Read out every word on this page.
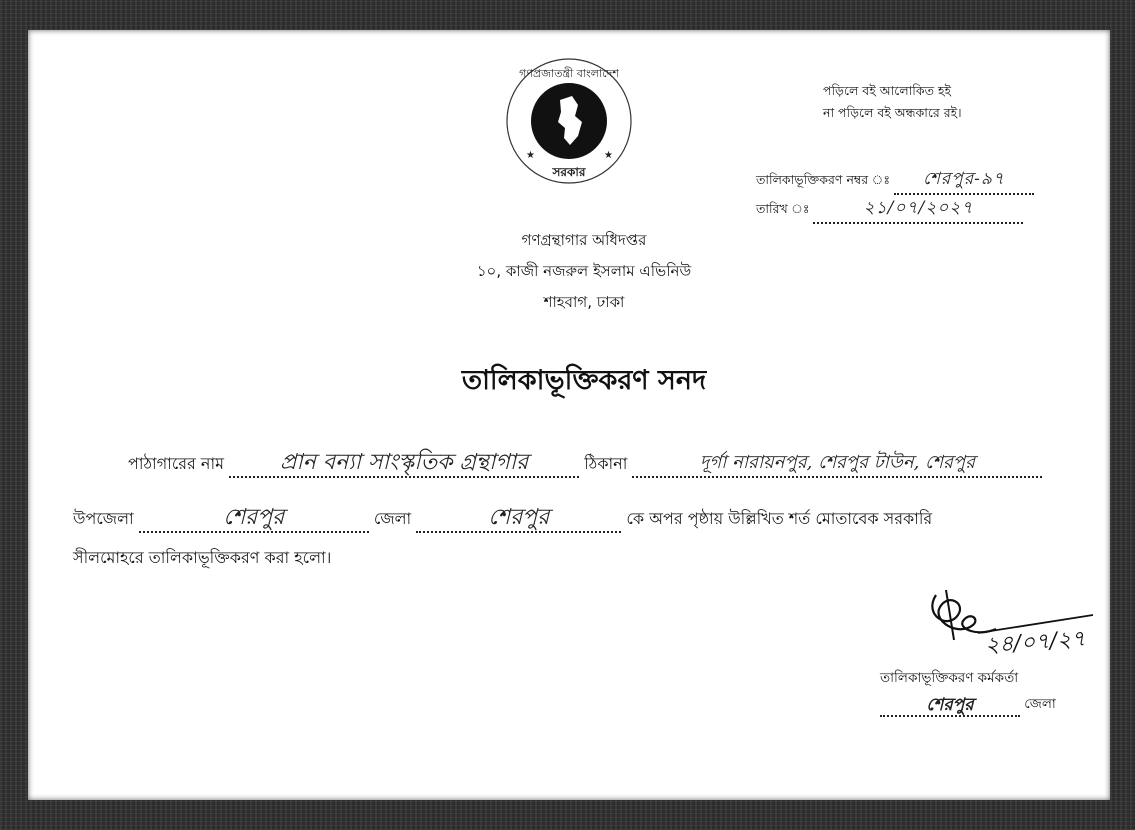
★	★
গণপ্রজাতন্ত্রী বাংলাদেশ
সরকার
পড়িলে বই আলোকিত হই
না পড়িলে বই অন্ধকারে রই।
তালিকাভূক্তিকরণ নম্বর ঃ শেরপুর-৯৭
তারিখ ঃ	২১/০৭/২০২৭
গণগ্রন্থাগার অধিদপ্তর
১০, কাজী নজরুল ইসলাম এভিনিউ
শাহবাগ, ঢাকা
তালিকাভূক্তিকরণ সনদ
পাঠাগারের নাম	প্রান বন্যা সাংস্কৃতিক গ্রন্থাগার	ঠিকানা	দূর্গা নারায়নপুর, শেরপুর টাউন, শেরপুর
উপজেলা	শেরপুর	জেলা	শেরপুর	কে অপর পৃষ্ঠায় উল্লিখিত শর্ত মোতাবেক সরকারি
সীলমোহরে তালিকাভূক্তিকরণ করা হলো।
২৪/০৭/২৭
তালিকাভূক্তিকরণ কর্মকর্তা
শেরপুর	জেলা
